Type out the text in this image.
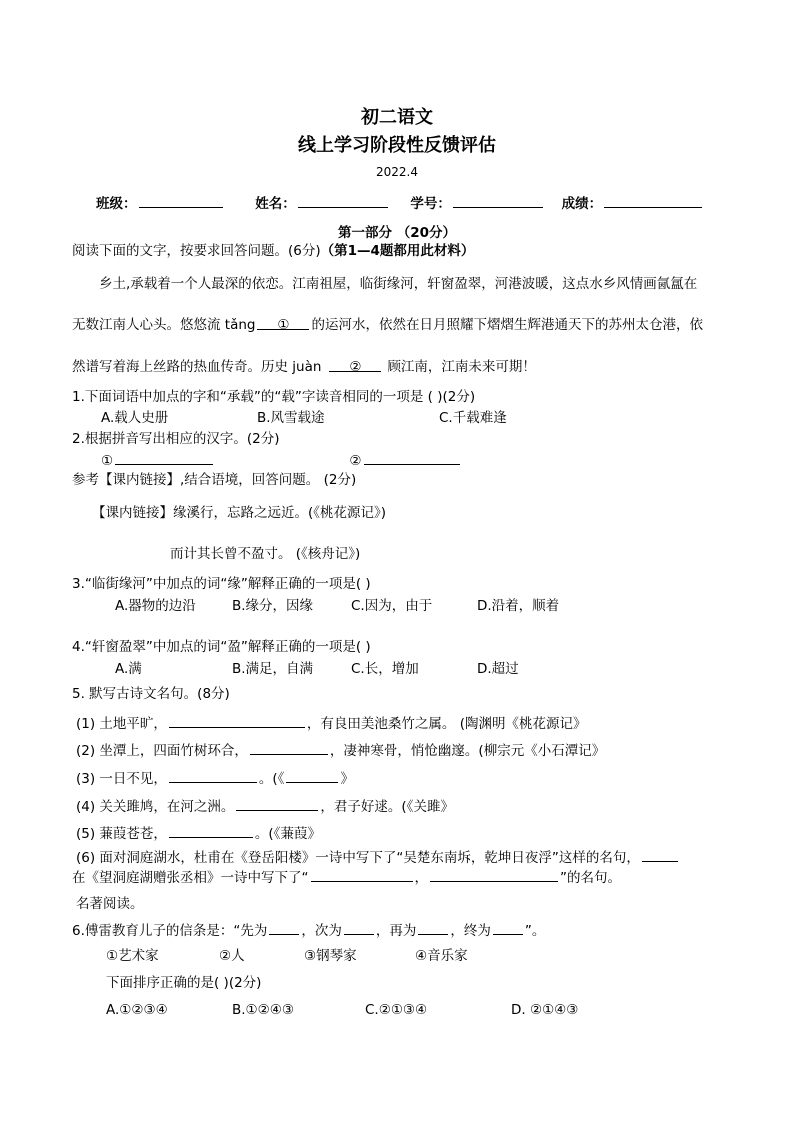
初二语文
线上学习阶段性反馈评估
2022.4
班级：	姓名：	学号：	成绩：
第一部分 （20分）
阅读下面的文字，按要求回答问题。(6分)（第1—4题都用此材料）
乡土,承载着一个人最深的依恋。江南祖屋，临街缘河，轩窗盈翠，河港波暖，这点水乡风情画氤氲在
无数江南人心头。悠悠流 tǎng ① 的运河水，依然在日月照耀下熠熠生辉港通天下的苏州太仓港，依
然谱写着海上丝路的热血传奇。历史 juàn ② 顾江南，江南未来可期！
1.下面词语中加点的字和“承载”的“载”字读音相同的一项是 ( )(2分)
A.载人史册	B.风雪载途	C.千载难逢
2.根据拼音写出相应的汉字。(2分)
①	②
参考【课内链接】,结合语境，回答问题。 (2分)
【课内链接】缘溪行，忘路之远近。(《桃花源记》)
而计其长曾不盈寸。 (《核舟记》)
3.“临街缘河”中加点的词“缘”解释正确的一项是( )
A.器物的边沿	B.缘分，因缘	C.因为，由于	D.沿着，顺着
4.“轩窗盈翠”中加点的词“盈”解释正确的一项是( )
A.满	B.满足，自满	C.长，增加	D.超过
5. 默写古诗文名句。(8分)
(1) 土地平旷，	，有良田美池桑竹之属。 (陶渊明《桃花源记》
(2) 坐潭上，四面竹树环合，	，凄神寒骨，悄怆幽邃。(柳宗元《小石潭记》
(3) 一日不见，	。(《	》
(4) 关关雎鸠，在河之洲。	，君子好逑。(《关雎》
(5) 蒹葭苍苍，	。(《蒹葭》
(6) 面对洞庭湖水，杜甫在《登岳阳楼》一诗中写下了“吴楚东南坼，乾坤日夜浮”这样的名句，
在《望洞庭湖赠张丞相》一诗中写下了“	，	”的名句。
名著阅读。
6.傅雷教育儿子的信条是：“先为	，次为	，再为	，终为	”。
①艺术家	②人	③钢琴家	④音乐家
下面排序正确的是( )(2分)
A.①②③④	B.①②④③	C.②①③④	D. ②①④③
